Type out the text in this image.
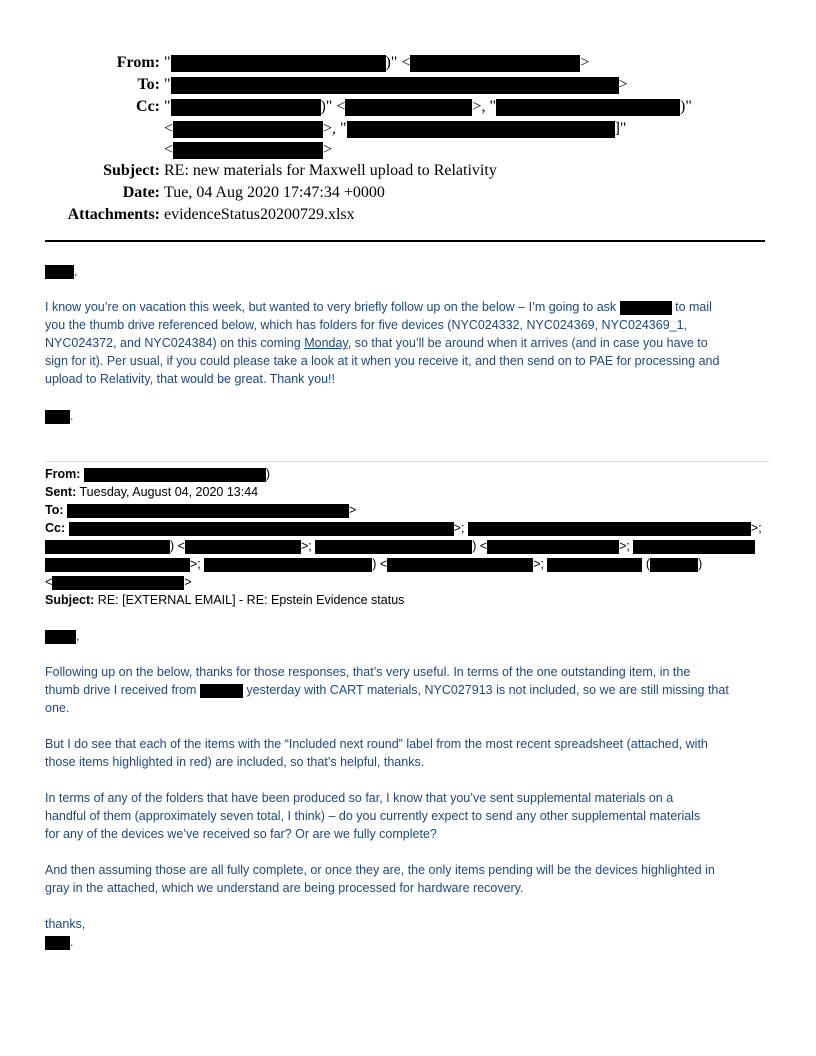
From: "	)" <	>
To: "	>
Cc: "	)" <	>, "	)"
<	>, "	]"
<	>
Subject: RE: new materials for Maxwell upload to Relativity
Date: Tue, 04 Aug 2020 17:47:34 +0000
Attachments: evidenceStatus20200729.xlsx
,
I know you’re on vacation this week, but wanted to very briefly follow up on the below – I’m going to ask	to mail
you the thumb drive referenced below, which has folders for five devices (NYC024332, NYC024369, NYC024369_1,
NYC024372, and NYC024384) on this coming Monday, so that you’ll be around when it arrives (and in case you have to
sign for it). Per usual, if you could please take a look at it when you receive it, and then send on to PAE for processing and
upload to Relativity, that would be great. Thank you!!
.
From:	)
Sent: Tuesday, August 04, 2020 13:44
To:	>
Cc:	>;	>;
) <	>;	) <	>;
>;	) <	>;	(	)
<	>
Subject: RE: [EXTERNAL EMAIL] - RE: Epstein Evidence status
,
Following up on the below, thanks for those responses, that’s very useful. In terms of the one outstanding item, in the
thumb drive I received from	yesterday with CART materials, NYC027913 is not included, so we are still missing that
one.
But I do see that each of the items with the “Included next round” label from the most recent spreadsheet (attached, with
those items highlighted in red) are included, so that’s helpful, thanks.
In terms of any of the folders that have been produced so far, I know that you’ve sent supplemental materials on a
handful of them (approximately seven total, I think) – do you currently expect to send any other supplemental materials
for any of the devices we’ve received so far? Or are we fully complete?
And then assuming those are all fully complete, or once they are, the only items pending will be the devices highlighted in
gray in the attached, which we understand are being processed for hardware recovery.
thanks,
.
